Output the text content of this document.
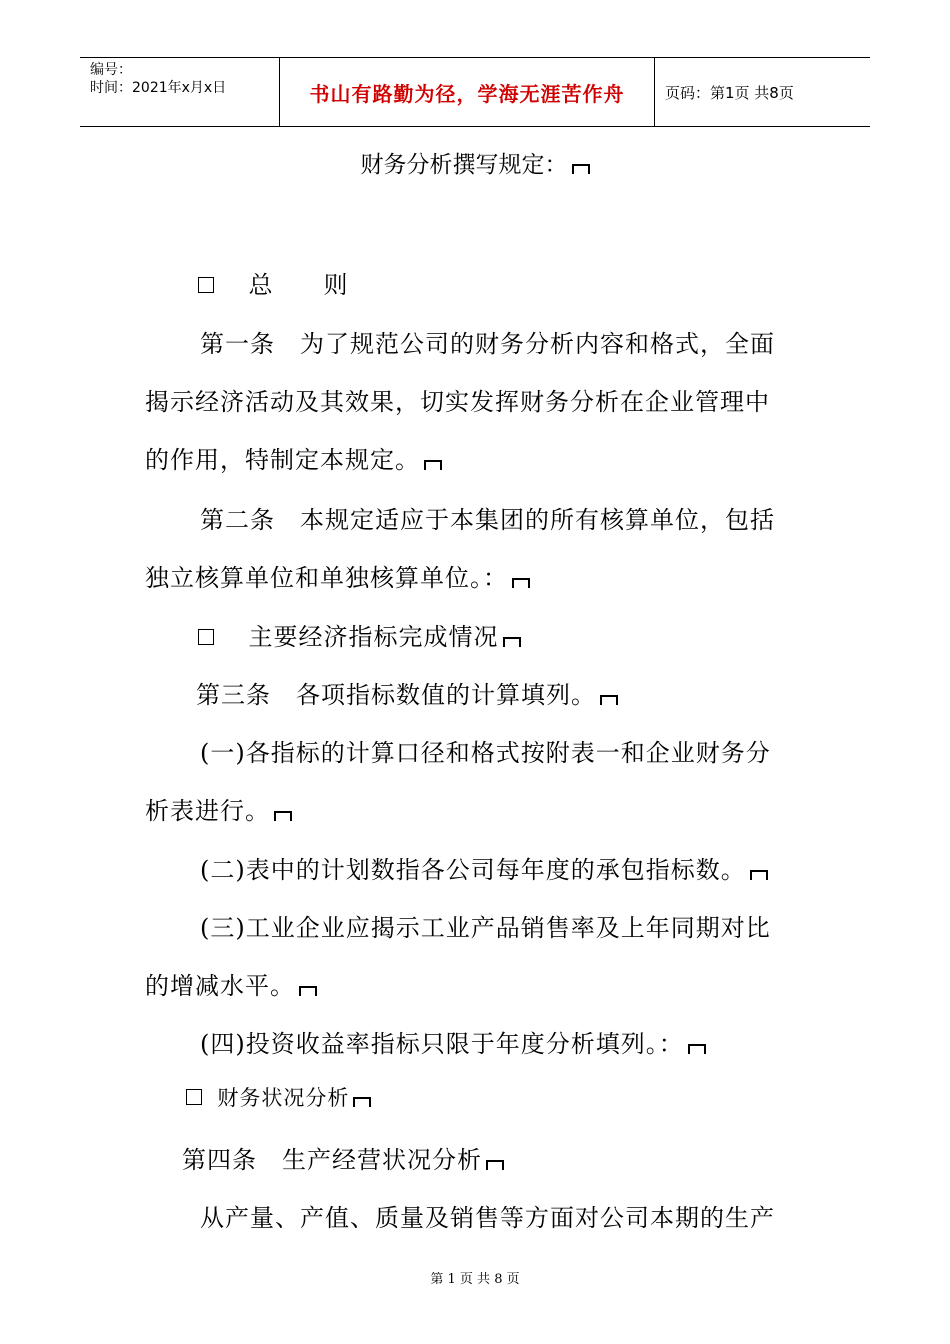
编号：
时间：2021年x月x日	书山有路勤为径，学海无涯苦作舟	页码：第1页 共8页
财务分析撰写规定：
总　　则
第一条　为了规范公司的财务分析内容和格式，全面
揭示经济活动及其效果，切实发挥财务分析在企业管理中
的作用，特制定本规定。
第二条　本规定适应于本集团的所有核算单位，包括
独立核算单位和单独核算单位。：
主要经济指标完成情况
第三条　各项指标数值的计算填列。
(一)各指标的计算口径和格式按附表一和企业财务分
析表进行。
(二)表中的计划数指各公司每年度的承包指标数。
(三)工业企业应揭示工业产品销售率及上年同期对比
的增减水平。
(四)投资收益率指标只限于年度分析填列。：
财务状况分析
第四条　生产经营状况分析
从产量、产值、质量及销售等方面对公司本期的生产
第 1 页 共 8 页
